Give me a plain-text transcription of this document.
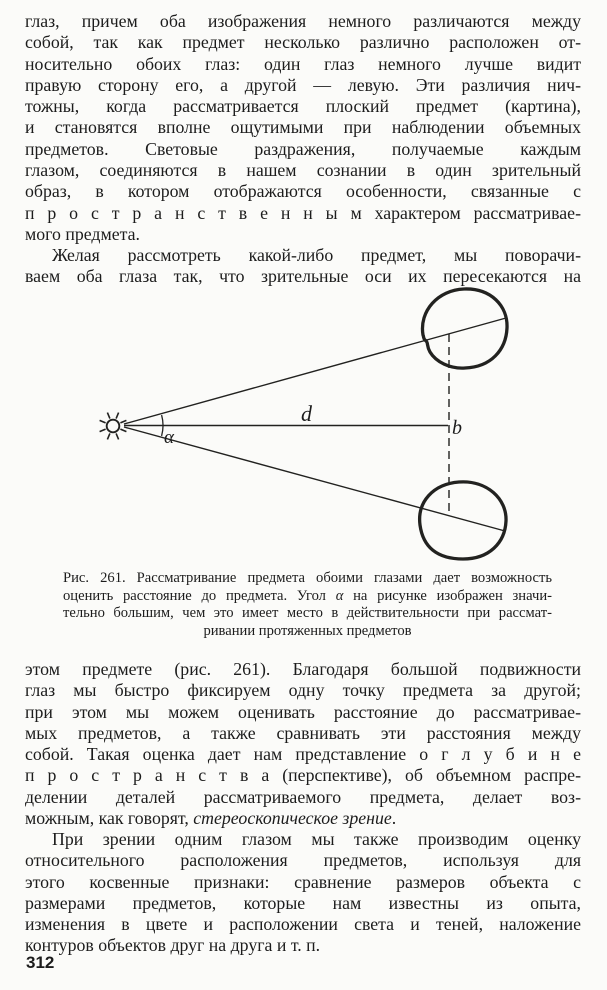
глаз, причем оба изображения немного различаются между
собой, так как предмет несколько различно расположен от-
носительно обоих глаз: один глаз немного лучше видит
правую сторону его, а другой — левую. Эти различия нич-
тожны, когда рассматривается плоский предмет (картина),
и становятся вполне ощутимыми при наблюдении объемных
предметов. Световые раздражения, получаемые каждым
глазом, соединяются в нашем сознании в один зрительный
образ, в котором отображаются особенности, связанные с
п р о с т р а н с т в е н н ы м характером рассматривае-
мого предмета.
Желая рассмотреть какой-либо предмет, мы поворачи-
ваем оба глаза так, что зрительные оси их пересекаются на
α
d
b
Рис. 261. Рассматривание предмета обоими глазами дает возможность
оценить расстояние до предмета. Угол α на рисунке изображен значи-
тельно большим, чем это имеет место в действительности при рассмат-
ривании протяженных предметов
этом предмете (рис. 261). Благодаря большой подвижности
глаз мы быстро фиксируем одну точку предмета за другой;
при этом мы можем оценивать расстояние до рассматривае-
мых предметов, а также сравнивать эти расстояния между
собой. Такая оценка дает нам представление о г л у б и н е
п р о с т р а н с т в а (перспективе), об объемном распре-
делении деталей рассматриваемого предмета, делает воз-
можным, как говорят, стереоскопическое зрение.
При зрении одним глазом мы также производим оценку
относительного расположения предметов, используя для
этого косвенные признаки: сравнение размеров объекта с
размерами предметов, которые нам известны из опыта,
изменения в цвете и расположении света и теней, наложение
контуров объектов друг на друга и т. п.
312
